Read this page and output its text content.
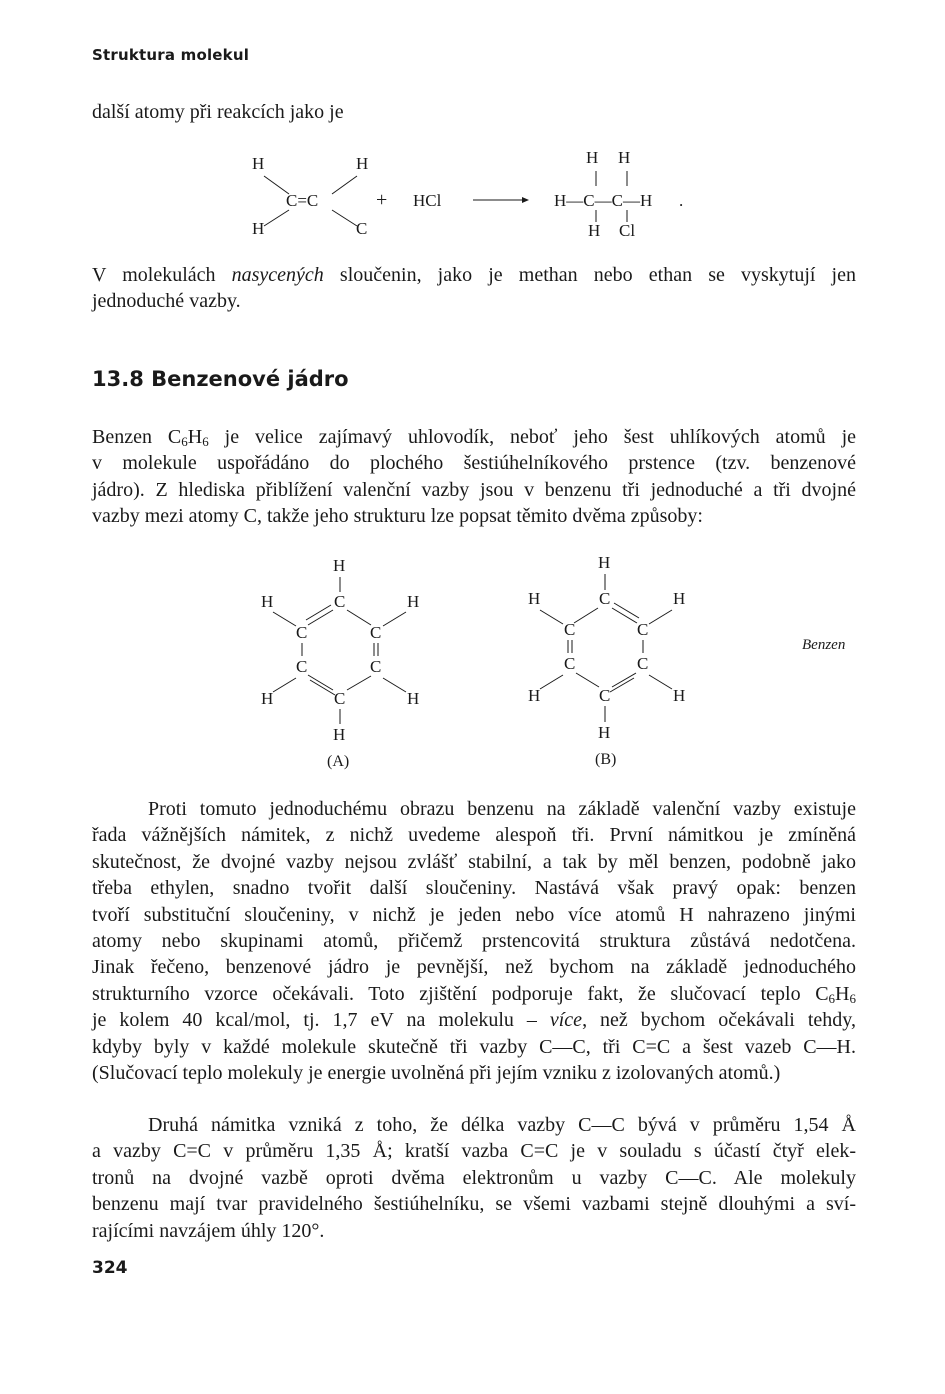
Struktura molekul

další atomy při reakcích jako je

H	H
C=C
H	C
+ HCl
H H
H—C—C—H .
H Cl

V molekulách nasycených sloučenin, jako je methan nebo ethan se vyskytují jen
jednoduché vazby.

13.8 Benzenové jádro

Benzen $C_6H_6$ je velice zajímavý uhlovodík, neboť jeho šest uhlíkových atomů je
v molekule uspořádáno do plochého šestiúhelníkového prstence (tzv. benzenové
jádro). Z hlediska přiblížení valenční vazby jsou v benzenu tři jednoduché a tři dvojné
vazby mezi atomy C, takže jeho strukturu lze popsat těmito dvěma způsoby:

H
C
H	H
C	C
C	C
C
H	H
H
(A)
H
C
H	H
C	C
C	C
C
H	H
H
(B)
Benzen

Proti tomuto jednoduchému obrazu benzenu na základě valenční vazby existuje
řada vážnějších námitek, z nichž uvedeme alespoň tři. První námitkou je zmíněná
skutečnost, že dvojné vazby nejsou zvlášť stabilní, a tak by měl benzen, podobně jako
třeba ethylen, snadno tvořit další sloučeniny. Nastává však pravý opak: benzen
tvoří substituční sloučeniny, v nichž je jeden nebo více atomů H nahrazeno jinými
atomy nebo skupinami atomů, přičemž prstencovitá struktura zůstává nedotčena.
Jinak řečeno, benzenové jádro je pevnější, než bychom na základě jednoduchého
strukturního vzorce očekávali. Toto zjištění podporuje fakt, že slučovací teplo $C_6H_6$
je kolem 40 kcal/mol, tj. 1,7 eV na molekulu – více, než bychom očekávali tehdy,
kdyby byly v každé molekule skutečně tři vazby C—C, tři C=C a šest vazeb C—H.
(Slučovací teplo molekuly je energie uvolněná při jejím vzniku z izolovaných atomů.)

Druhá námitka vzniká z toho, že délka vazby C—C bývá v průměru 1,54 Å
a vazby C=C v průměru 1,35 Å; kratší vazba C=C je v souladu s účastí čtyř elek-
tronů na dvojné vazbě oproti dvěma elektronům u vazby C—C. Ale molekuly
benzenu mají tvar pravidelného šestiúhelníku, se všemi vazbami stejně dlouhými a sví-
rajícími navzájem úhly 120°.

324
